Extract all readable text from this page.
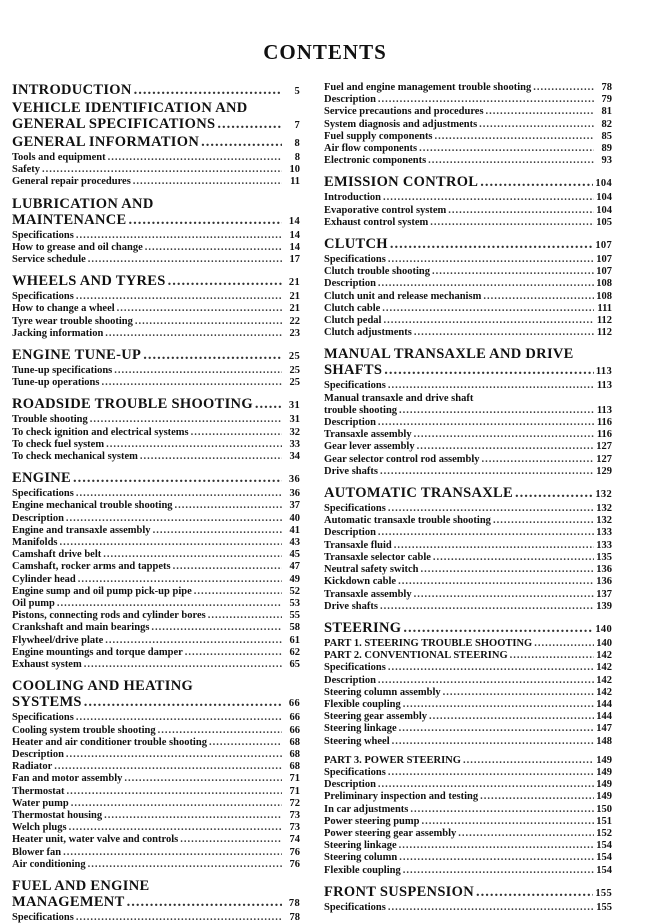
CONTENTS
INTRODUCTION .....	5
VEHICLE IDENTIFICATION AND
GENERAL SPECIFICATIONS .....	7
GENERAL INFORMATION .....	8
Tools and equipment .....	8
Safety .....	10
General repair procedures .....	11
LUBRICATION AND
MAINTENANCE .....	14
Specifications .....	14
How to grease and oil change .....	14
Service schedule .....	17
WHEELS AND TYRES .....	21
Specifications .....	21
How to change a wheel .....	21
Tyre wear trouble shooting .....	22
Jacking information .....	23
ENGINE TUNE-UP .....	25
Tune-up specifications .....	25
Tune-up operations .....	25
ROADSIDE TROUBLE SHOOTING .....	31
Trouble shooting .....	31
To check ignition and electrical systems .....	32
To check fuel system .....	33
To check mechanical system .....	34
ENGINE .....	36
Specifications .....	36
Engine mechanical trouble shooting .....	37
Description .....	40
Engine and transaxle assembly .....	41
Manifolds .....	43
Camshaft drive belt .....	45
Camshaft, rocker arms and tappets .....	47
Cylinder head .....	49
Engine sump and oil pump pick-up pipe .....	52
Oil pump .....	53
Pistons, connecting rods and cylinder bores .....	55
Crankshaft and main bearings .....	58
Flywheel/drive plate .....	61
Engine mountings and torque damper .....	62
Exhaust system .....	65
COOLING AND HEATING
SYSTEMS .....	66
Specifications .....	66
Cooling system trouble shooting .....	66
Heater and air conditioner trouble shooting .....	68
Description .....	68
Radiator .....	68
Fan and motor assembly .....	71
Thermostat .....	71
Water pump .....	72
Thermostat housing .....	73
Welch plugs .....	73
Heater unit, water valve and controls .....	74
Blower fan .....	76
Air conditioning .....	76
FUEL AND ENGINE
MANAGEMENT .....	78
Specifications .....	78
Fuel and engine management trouble shooting .....	78
Description .....	79
Service precautions and procedures .....	81
System diagnosis and adjustments .....	82
Fuel supply components .....	85
Air flow components .....	89
Electronic components .....	93
EMISSION CONTROL .....	104
Introduction .....	104
Evaporative control system .....	104
Exhaust control system .....	105
CLUTCH .....	107
Specifications .....	107
Clutch trouble shooting .....	107
Description .....	108
Clutch unit and release mechanism .....	108
Clutch cable .....	111
Clutch pedal .....	112
Clutch adjustments .....	112
MANUAL TRANSAXLE AND DRIVE
SHAFTS .....	113
Specifications .....	113
Manual transaxle and drive shaft
trouble shooting .....	113
Description .....	116
Transaxle assembly .....	116
Gear lever assembly .....	127
Gear selector control rod assembly .....	127
Drive shafts .....	129
AUTOMATIC TRANSAXLE .....	132
Specifications .....	132
Automatic transaxle trouble shooting .....	132
Description .....	133
Transaxle fluid .....	133
Transaxle selector cable .....	135
Neutral safety switch .....	136
Kickdown cable .....	136
Transaxle assembly .....	137
Drive shafts .....	139
STEERING .....	140
PART 1. STEERING TROUBLE SHOOTING .....	140
PART 2. CONVENTIONAL STEERING .....	142
Specifications .....	142
Description .....	142
Steering column assembly .....	142
Flexible coupling .....	144
Steering gear assembly .....	144
Steering linkage .....	147
Steering wheel .....	148
PART 3. POWER STEERING .....	149
Specifications .....	149
Description .....	149
Preliminary inspection and testing .....	149
In car adjustments .....	150
Power steering pump .....	151
Power steering gear assembly .....	152
Steering linkage .....	154
Steering column .....	154
Flexible coupling .....	154
FRONT SUSPENSION .....	155
Specifications .....	155
